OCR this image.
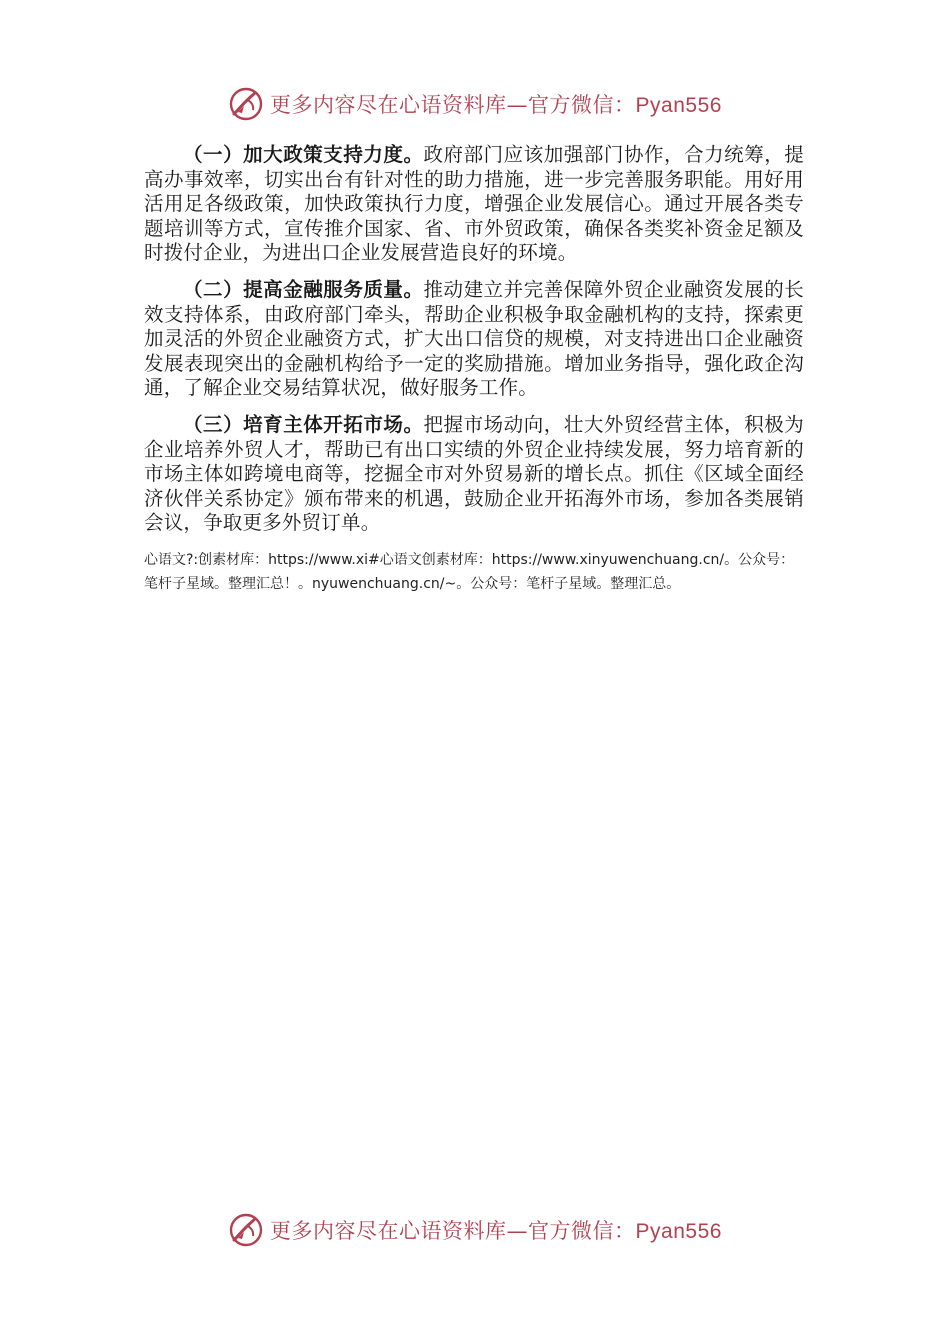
更多内容尽在心语资料库—官方微信：Pyan556

（一）加大政策支持力度。政府部门应该加强部门协作，合力统筹，提高办事效率，切实出台有针对性的助力措施，进一步完善服务职能。用好用活用足各级政策，加快政策执行力度，增强企业发展信心。通过开展各类专题培训等方式，宣传推介国家、省、市外贸政策，确保各类奖补资金足额及时拨付企业，为进出口企业发展营造良好的环境。

（二）提高金融服务质量。推动建立并完善保障外贸企业融资发展的长效支持体系，由政府部门牵头，帮助企业积极争取金融机构的支持，探索更加灵活的外贸企业融资方式，扩大出口信贷的规模，对支持进出口企业融资发展表现突出的金融机构给予一定的奖励措施。增加业务指导，强化政企沟通，了解企业交易结算状况，做好服务工作。

（三）培育主体开拓市场。把握市场动向，壮大外贸经营主体，积极为企业培养外贸人才，帮助已有出口实绩的外贸企业持续发展，努力培育新的市场主体如跨境电商等，挖掘全市对外贸易新的增长点。抓住《区域全面经济伙伴关系协定》颁布带来的机遇，鼓励企业开拓海外市场，参加各类展销会议，争取更多外贸订单。

心语文?:创素材库：https://www.xi#心语文创素材库：https://www.xinyuwenchuang.cn/。公众号：笔杆子星域。整理汇总！。nyuwenchuang.cn/~。公众号：笔杆子星域。整理汇总。

更多内容尽在心语资料库—官方微信：Pyan556
